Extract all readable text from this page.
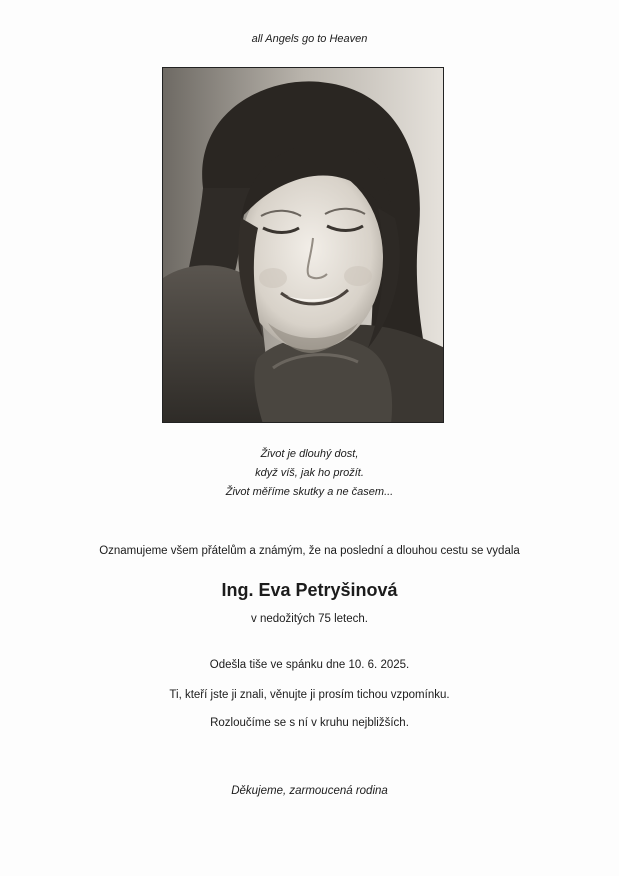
all Angels go to Heaven
Život je dlouhý dost,
když víš, jak ho prožít.
Život měříme skutky a ne časem...
Oznamujeme všem přátelům a známým, že na poslední a dlouhou cestu se vydala
Ing. Eva Petryšinová
v nedožitých 75 letech.
Odešla tiše ve spánku dne 10. 6. 2025.
Ti, kteří jste ji znali, věnujte ji prosím tichou vzpomínku.
Rozloučíme se s ní v kruhu nejbližších.
Děkujeme, zarmoucená rodina
